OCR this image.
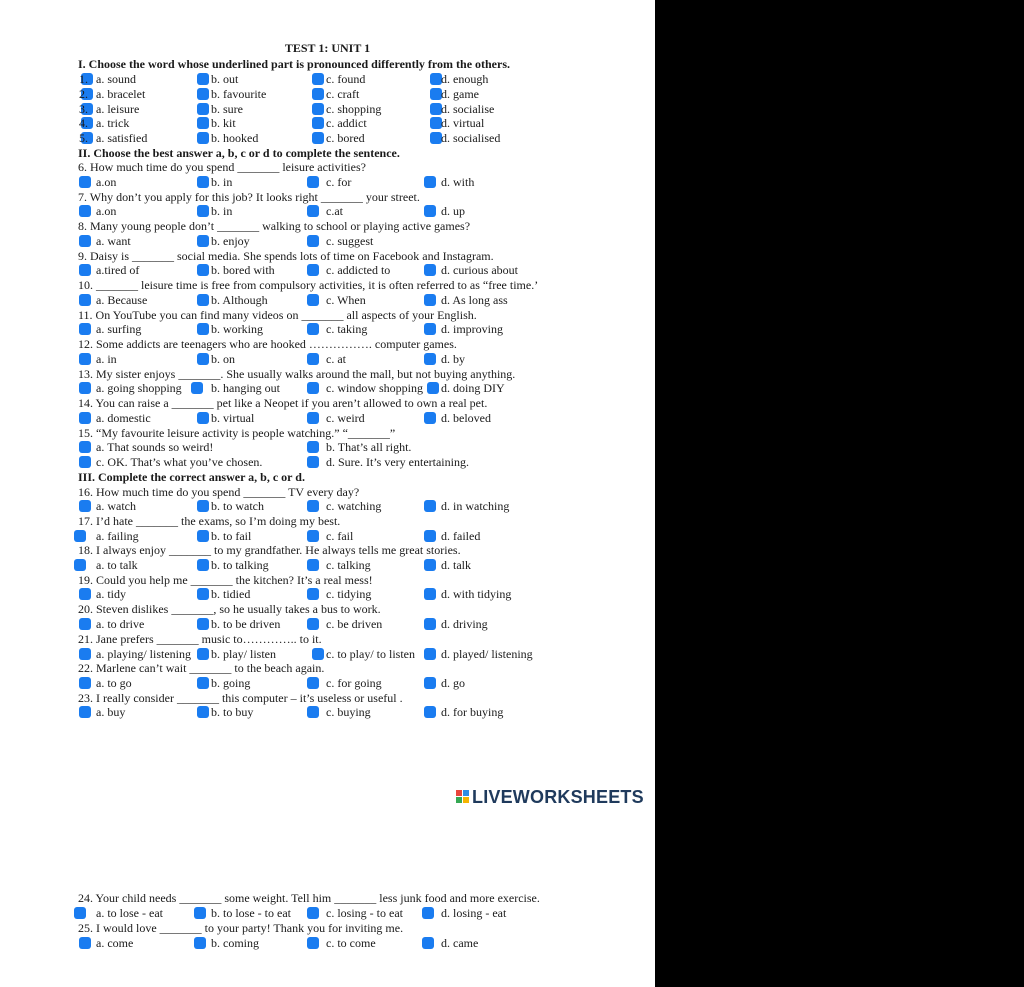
TEST 1: UNIT 1
I. Choose the word whose underlined part is pronounced differently from the others.
1. a. sound	b. out	c. found	d. enough
2. a. bracelet	b. favourite	c. craft	d. game
3. a. leisure	b. sure	c. shopping	d. socialise
4. a. trick	b. kit	c. addict	d. virtual
5. a. satisfied	b. hooked	c. bored	d. socialised
II. Choose the best answer a, b, c or d to complete the sentence.
6. How much time do you spend _______ leisure activities?
a.on	b. in	c. for	d. with
7. Why don’t you apply for this job? It looks right _______ your street.
a.on	b. in	c.at	d. up
8. Many young people don’t _______ walking to school or playing active games?
a. want	b. enjoy	c. suggest
9. Daisy is _______ social media. She spends lots of time on Facebook and Instagram.
a.tired of	b. bored with	c. addicted to	d. curious about
10. _______ leisure time is free from compulsory activities, it is often referred to as “free time.’
a. Because	b. Although	c. When	d. As long ass
11. On YouTube you can find many videos on _______ all aspects of your English.
a. surfing	b. working	c. taking	d. improving
12. Some addicts are teenagers who are hooked ……………. computer games.
a. in	b. on	c. at	d. by
13. My sister enjoys _______. She usually walks around the mall, but not buying anything.
a. going shopping b. hanging out	c. window shopping d. doing DIY
14. You can raise a _______ pet like a Neopet if you aren’t allowed to own a real pet.
a. domestic	b. virtual	c. weird	d. beloved
15. “My favourite leisure activity is people watching.” “_______”
a. That sounds so weird!	b. That’s all right.
c. OK. That’s what you’ve chosen.	d. Sure. It’s very entertaining.
III. Complete the correct answer a, b, c or d.
16. How much time do you spend _______ TV every day?
a. watch	b. to watch	c. watching	d. in watching
17. I’d hate _______ the exams, so I’m doing my best.
a. failing	b. to fail	c. fail	d. failed
18. I always enjoy _______ to my grandfather. He always tells me great stories.
a. to talk	b. to talking	c. talking	d. talk
19. Could you help me _______ the kitchen? It’s a real mess!
a. tidy	b. tidied	c. tidying	d. with tidying
20. Steven dislikes _______, so he usually takes a bus to work.
a. to drive	b. to be driven	c. be driven	d. driving
21. Jane prefers _______ music to………….. to it.
a. playing/ listening b. play/ listen	c. to play/ to listen d. played/ listening
22. Marlene can’t wait _______ to the beach again.
a. to go	b. going	c. for going	d. go
23. I really consider _______ this computer – it’s useless or useful .
a. buy	b. to buy	c. buying	d. for buying
24. Your child needs _______ some weight. Tell him _______ less junk food and more exercise.
a. to lose - eat	b. to lose - to eat	c. losing - to eat	d. losing - eat
25. I would love _______ to your party! Thank you for inviting me.
a. come	b. coming	c. to come	d. came
LIVEWORKSHEETS
